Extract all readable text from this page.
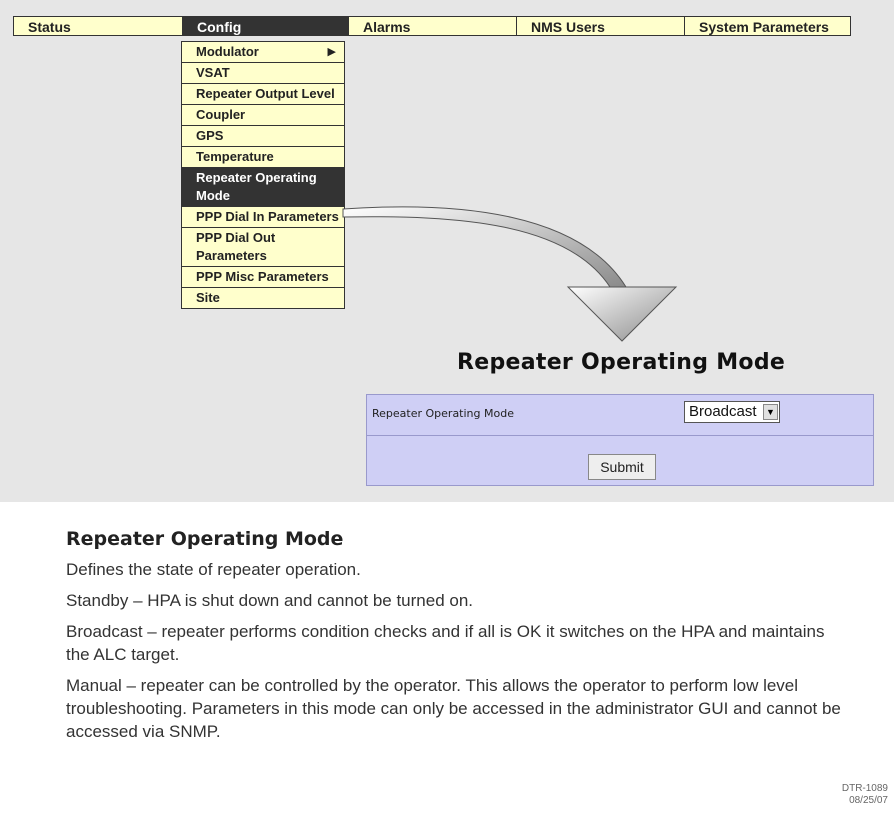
Status	Config	Alarms	NMS Users	System Parameters
Modulator	▶
VSAT
Repeater Output Level
Coupler
GPS
Temperature
Repeater Operating Mode
PPP Dial In Parameters
PPP Dial Out Parameters
PPP Misc Parameters
Site
Repeater Operating Mode
Repeater Operating Mode	Broadcast	▼
Submit
Repeater Operating Mode

Defines the state of repeater operation.

Standby – HPA is shut down and cannot be turned on.

Broadcast – repeater performs condition checks and if all is OK it switches on the HPA and maintains the ALC target.

Manual – repeater can be controlled by the operator. This allows the operator to perform low level troubleshooting. Parameters in this mode can only be accessed in the administrator GUI and cannot be accessed via SNMP.

DTR-1089
08/25/07
